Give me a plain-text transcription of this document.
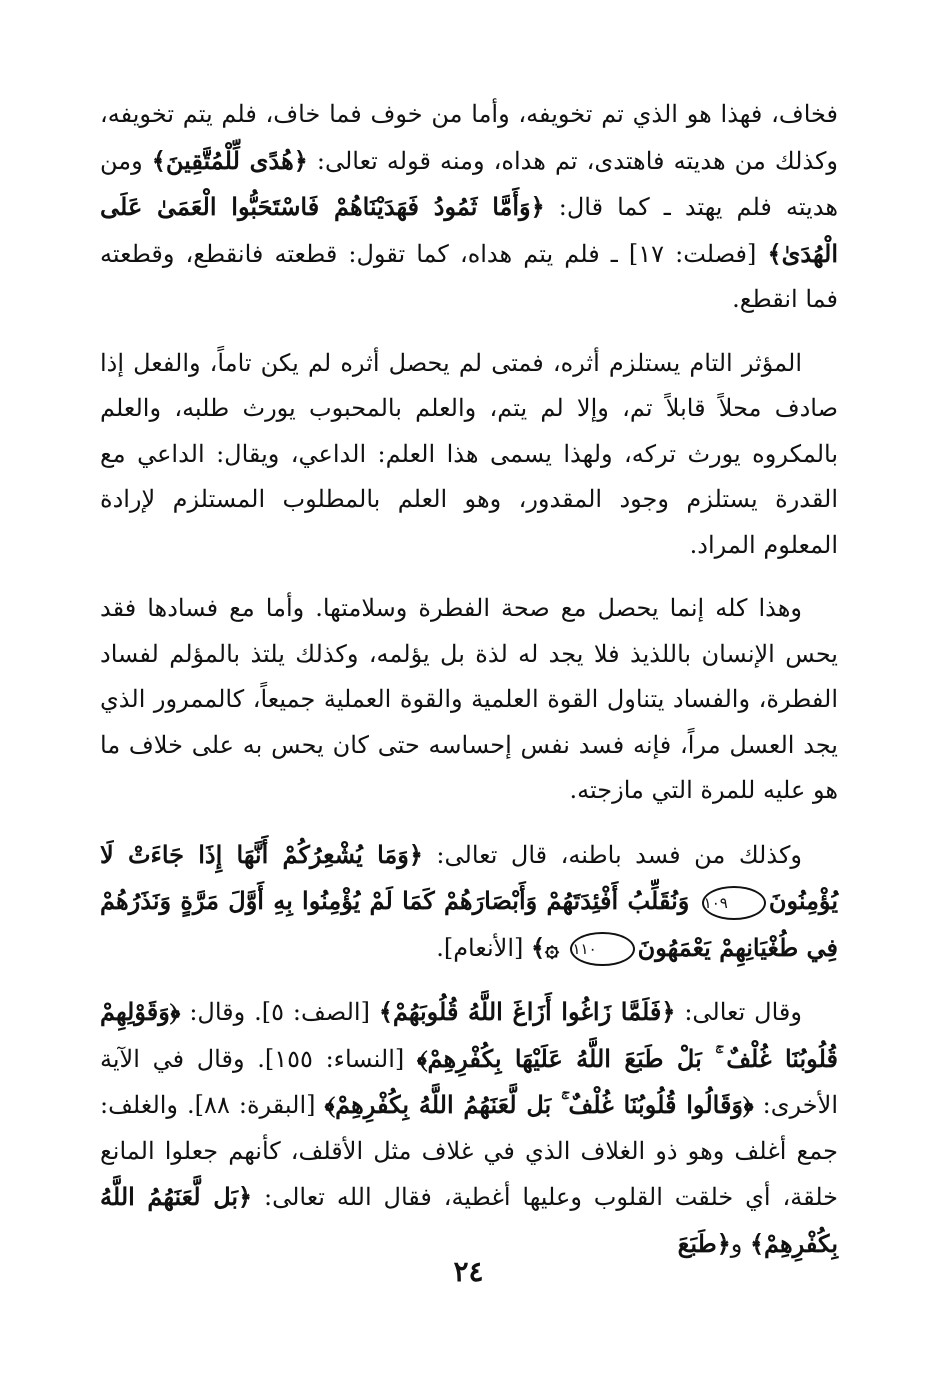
فخاف، فهذا هو الذي تم تخويفه، وأما من خوف فما خاف، فلم يتم تخويفه، وكذلك من هديته فاهتدى، تم هداه، ومنه قوله تعالى: ﴿هُدًى لِّلْمُتَّقِينَ﴾ ومن هديته فلم يهتد ـ كما قال: ﴿وَأَمَّا ثَمُودُ فَهَدَيْنَاهُمْ فَاسْتَحَبُّوا الْعَمَىٰ عَلَى الْهُدَىٰ﴾ [فصلت: ١٧] ـ فلم يتم هداه، كما تقول: قطعته فانقطع، وقطعته فما انقطع.

المؤثر التام يستلزم أثره، فمتى لم يحصل أثره لم يكن تاماً، والفعل إذا صادف محلاً قابلاً تم، وإلا لم يتم، والعلم بالمحبوب يورث طلبه، والعلم بالمكروه يورث تركه، ولهذا يسمى هذا العلم: الداعي، ويقال: الداعي مع القدرة يستلزم وجود المقدور، وهو العلم بالمطلوب المستلزم لإرادة المعلوم المراد.

وهذا كله إنما يحصل مع صحة الفطرة وسلامتها. وأما مع فسادها فقد يحس الإنسان باللذيذ فلا يجد له لذة بل يؤلمه، وكذلك يلتذ بالمؤلم لفساد الفطرة، والفساد يتناول القوة العلمية والقوة العملية جميعاً، كالممرور الذي يجد العسل مراً، فإنه فسد نفس إحساسه حتى كان يحس به على خلاف ما هو عليه للمرة التي مازجته.

وكذلك من فسد باطنه، قال تعالى: ﴿وَمَا يُشْعِرُكُمْ أَنَّهَا إِذَا جَاءَتْ لَا يُؤْمِنُونَ١٠٩ وَنُقَلِّبُ أَفْئِدَتَهُمْ وَأَبْصَارَهُمْ كَمَا لَمْ يُؤْمِنُوا بِهِ أَوَّلَ مَرَّةٍ وَنَذَرُهُمْ فِي طُغْيَانِهِمْ يَعْمَهُونَ١١٠ ۞﴾ [الأنعام].

وقال تعالى: ﴿فَلَمَّا زَاغُوا أَزَاغَ اللَّهُ قُلُوبَهُمْ﴾ [الصف: ٥]. وقال: ﴿وَقَوْلِهِمْ قُلُوبُنَا غُلْفٌ ۚ بَلْ طَبَعَ اللَّهُ عَلَيْهَا بِكُفْرِهِمْ﴾ [النساء: ١٥٥]. وقال في الآية الأخرى: ﴿وَقَالُوا قُلُوبُنَا غُلْفٌ ۚ بَل لَّعَنَهُمُ اللَّهُ بِكُفْرِهِمْ﴾ [البقرة: ٨٨]. والغلف: جمع أغلف وهو ذو الغلاف الذي في غلاف مثل الأقلف، كأنهم جعلوا المانع خلقة، أي خلقت القلوب وعليها أغطية، فقال الله تعالى: ﴿بَل لَّعَنَهُمُ اللَّهُ بِكُفْرِهِمْ﴾ و﴿طَبَعَ

٢٤
